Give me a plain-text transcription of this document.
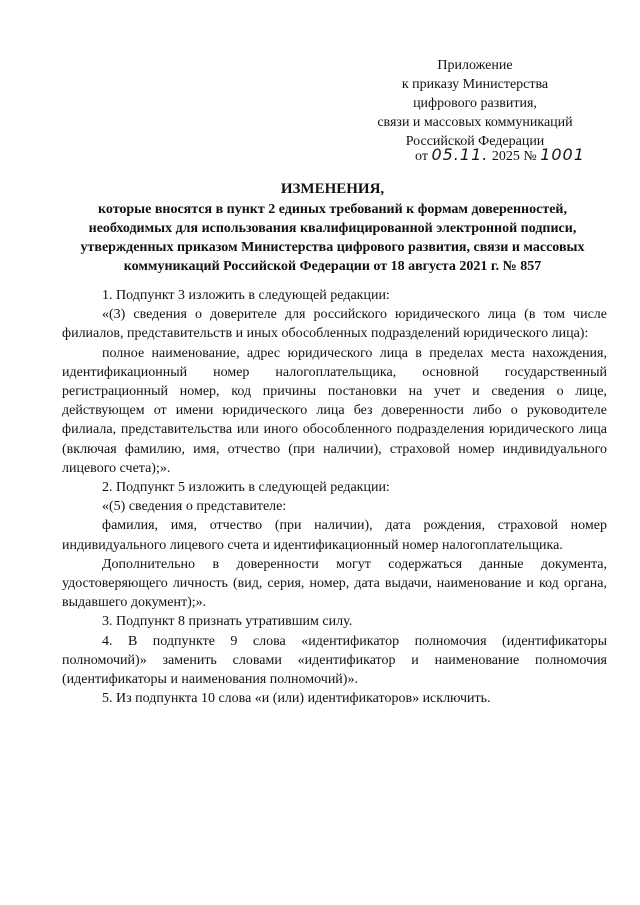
Приложение
к приказу Министерства
цифрового развития,
связи и массовых коммуникаций
Российской Федерации
от 05.11. 2025 № 1001
ИЗМЕНЕНИЯ,
которые вносятся в пункт 2 единых требований к формам доверенностей,
необходимых для использования квалифицированной электронной подписи,
утвержденных приказом Министерства цифрового развития, связи и массовых
коммуникаций Российской Федерации от 18 августа 2021 г. № 857

1. Подпункт 3 изложить в следующей редакции:

«(3) сведения о доверителе для российского юридического лица (в том числе филиалов, представительств и иных обособленных подразделений юридического лица):

полное наименование, адрес юридического лица в пределах места нахождения, идентификационный номер налогоплательщика, основной государственный регистрационный номер, код причины постановки на учет и сведения о лице, действующем от имени юридического лица без доверенности либо о руководителе филиала, представительства или иного обособленного подразделения юридического лица (включая фамилию, имя, отчество (при наличии), страховой номер индивидуального лицевого счета);».

2. Подпункт 5 изложить в следующей редакции:

«(5) сведения о представителе:

фамилия, имя, отчество (при наличии), дата рождения, страховой номер индивидуального лицевого счета и идентификационный номер налогоплательщика.

Дополнительно в доверенности могут содержаться данные документа, удостоверяющего личность (вид, серия, номер, дата выдачи, наименование и код органа, выдавшего документ);».

3. Подпункт 8 признать утратившим силу.

4. В подпункте 9 слова «идентификатор полномочия (идентификаторы полномочий)» заменить словами «идентификатор и наименование полномочия (идентификаторы и наименования полномочий)».

5. Из подпункта 10 слова «и (или) идентификаторов» исключить.
